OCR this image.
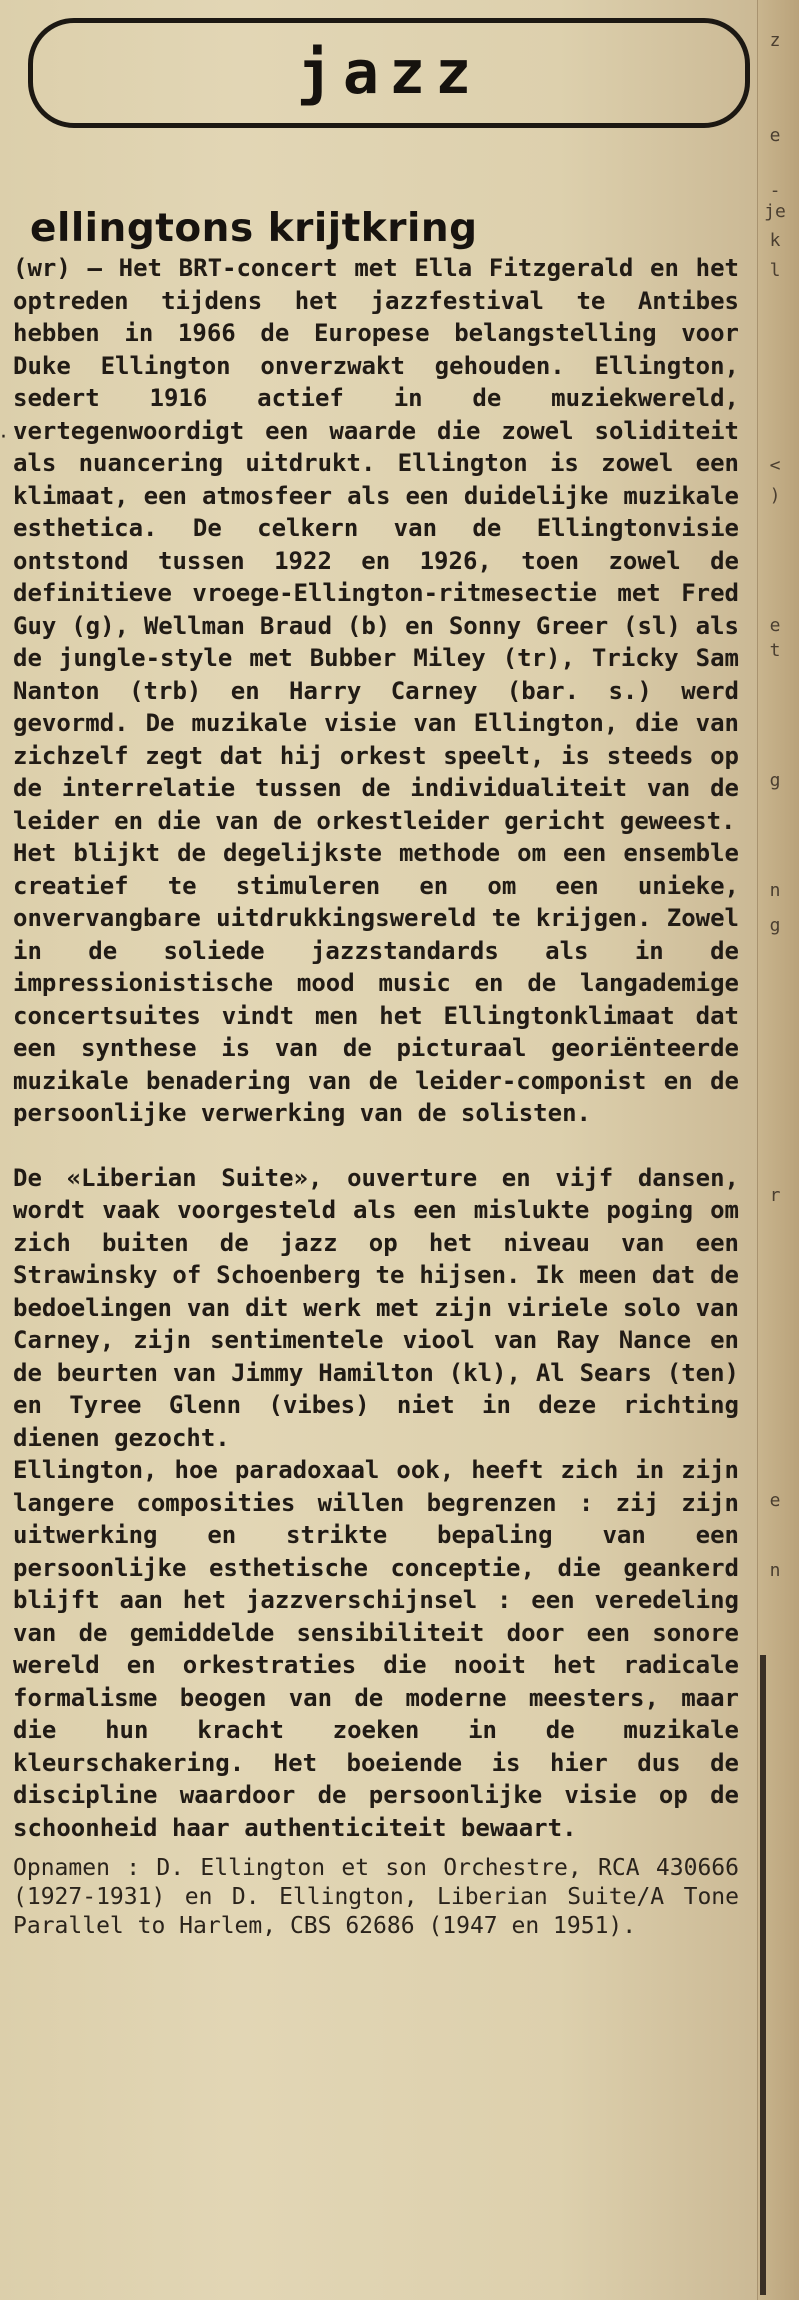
z
e
- je
k
l
<
)
e
t
g
n
g
r
e
n
·
jazz
ellingtons krijtkring

(wr) — Het BRT-concert met Ella Fitzgerald en het optreden tijdens het jazzfestival te Antibes hebben in 1966 de Europese belangstelling voor Duke Ellington onverzwakt gehouden. Ellington, sedert 1916 actief in de muziekwereld, vertegenwoordigt een waarde die zowel soliditeit als nuancering uitdrukt. Ellington is zowel een klimaat, een atmosfeer als een duidelijke muzikale esthetica. De celkern van de Ellingtonvisie ontstond tussen 1922 en 1926, toen zowel de definitieve vroege-Ellington-ritmesectie met Fred Guy (g), Wellman Braud (b) en Sonny Greer (sl) als de jungle-style met Bubber Miley (tr), Tricky Sam Nanton (trb) en Harry Carney (bar. s.) werd gevormd. De muzikale visie van Ellington, die van zichzelf zegt dat hij orkest speelt, is steeds op de interrelatie tussen de individualiteit van de leider en die van de orkestleider gericht geweest.

Het blijkt de degelijkste methode om een ensemble creatief te stimuleren en om een unieke, onvervangbare uitdrukkingswereld te krijgen. Zowel in de soliede jazzstandards als in de impressionistische mood music en de langademige concertsuites vindt men het Ellingtonklimaat dat een synthese is van de picturaal georiënteerde muzikale benadering van de leider-componist en de persoonlijke verwerking van de solisten.

De «Liberian Suite», ouverture en vijf dansen, wordt vaak voorgesteld als een mislukte poging om zich buiten de jazz op het niveau van een Strawinsky of Schoenberg te hijsen. Ik meen dat de bedoelingen van dit werk met zijn viriele solo van Carney, zijn sentimentele viool van Ray Nance en de beurten van Jimmy Hamilton (kl), Al Sears (ten) en Tyree Glenn (vibes) niet in deze richting dienen gezocht.

Ellington, hoe paradoxaal ook, heeft zich in zijn langere composities willen begrenzen : zij zijn uitwerking en strikte bepaling van een persoonlijke esthetische conceptie, die geankerd blijft aan het jazzverschijnsel : een veredeling van de gemiddelde sensibiliteit door een sonore wereld en orkestraties die nooit het radicale formalisme beogen van de moderne meesters, maar die hun kracht zoeken in de muzikale kleurschakering. Het boeiende is hier dus de discipline waardoor de persoonlijke visie op de schoonheid haar authenticiteit bewaart.

Opnamen : D. Ellington et son Orchestre, RCA 430666 (1927-1931) en D. Ellington, Liberian Suite/A Tone Parallel to Harlem, CBS 62686 (1947 en 1951).
